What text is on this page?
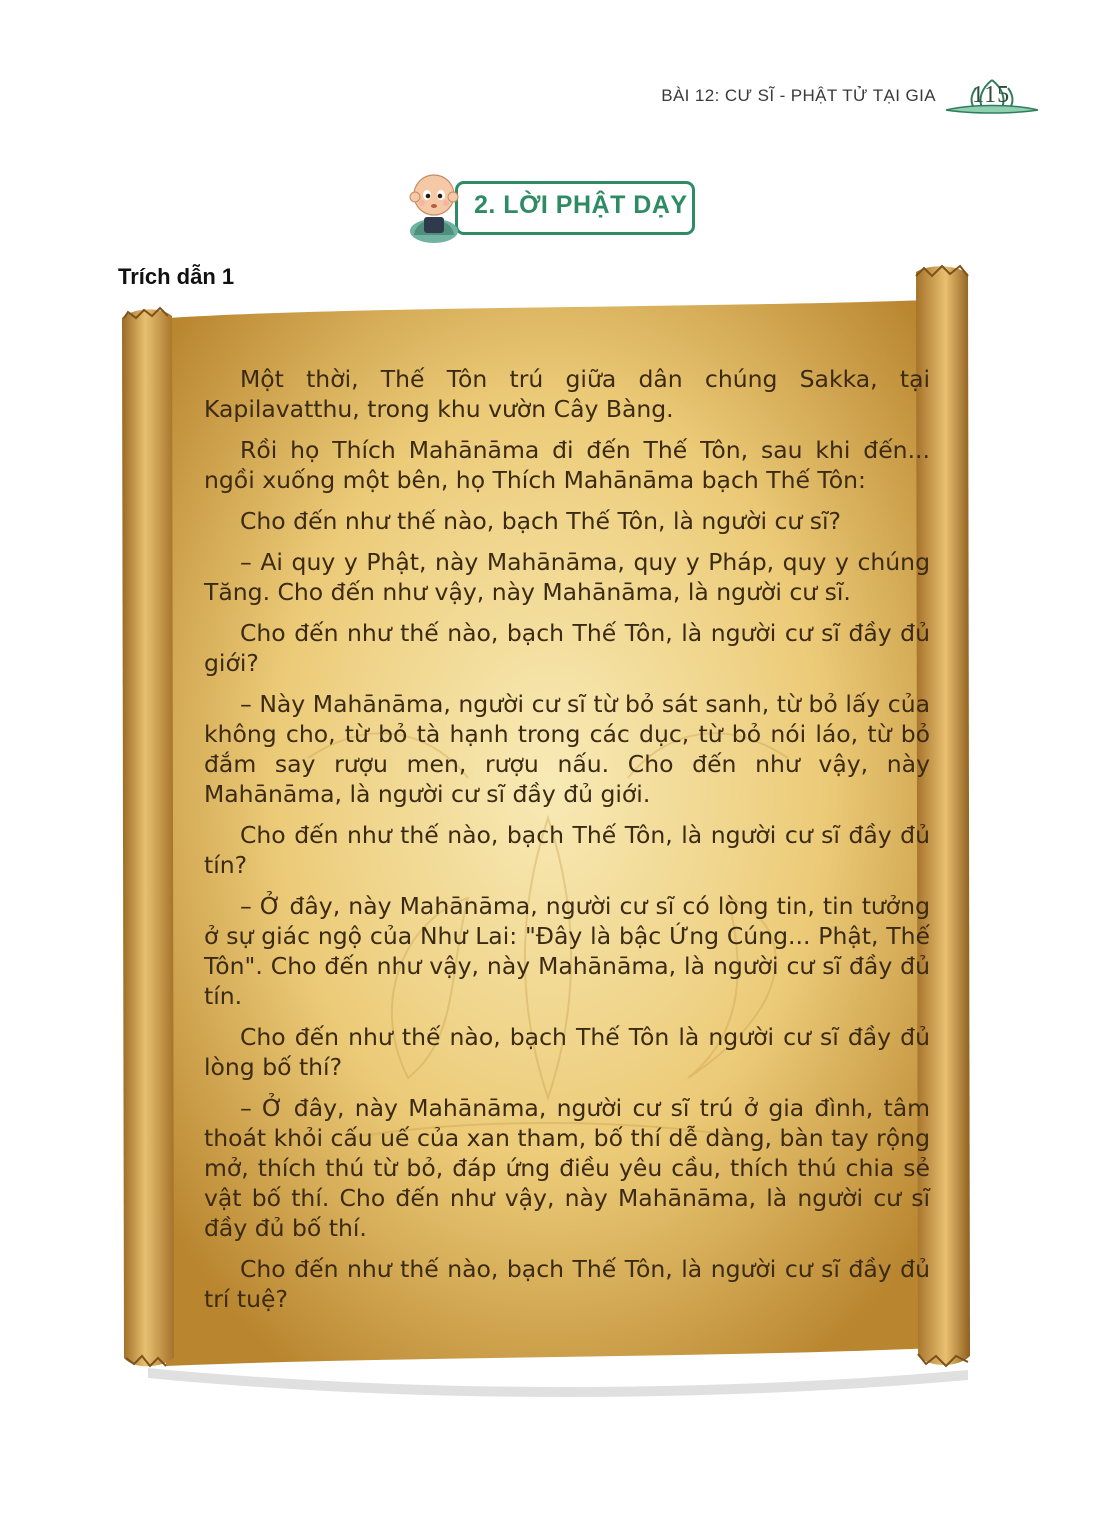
BÀI 12: CƯ SĨ - PHẬT TỬ TẠI GIA 115
2. LỜI PHẬT DẠY
Trích dẫn 1

Một thời, Thế Tôn trú giữa dân chúng Sakka, tại Kapilavatthu, trong khu vườn Cây Bàng.

Rồi họ Thích Mahānāma đi đến Thế Tôn, sau khi đến... ngồi xuống một bên, họ Thích Mahānāma bạch Thế Tôn:

Cho đến như thế nào, bạch Thế Tôn, là người cư sĩ?

– Ai quy y Phật, này Mahānāma, quy y Pháp, quy y chúng Tăng. Cho đến như vậy, này Mahānāma, là người cư sĩ.

Cho đến như thế nào, bạch Thế Tôn, là người cư sĩ đầy đủ giới?

– Này Mahānāma, người cư sĩ từ bỏ sát sanh, từ bỏ lấy của không cho, từ bỏ tà hạnh trong các dục, từ bỏ nói láo, từ bỏ đắm say rượu men, rượu nấu. Cho đến như vậy, này Mahānāma, là người cư sĩ đầy đủ giới.

Cho đến như thế nào, bạch Thế Tôn, là người cư sĩ đầy đủ tín?

– Ở đây, này Mahānāma, người cư sĩ có lòng tin, tin tưởng ở sự giác ngộ của Như Lai: "Đây là bậc Ứng Cúng... Phật, Thế Tôn". Cho đến như vậy, này Mahānāma, là người cư sĩ đầy đủ tín.

Cho đến như thế nào, bạch Thế Tôn là người cư sĩ đầy đủ lòng bố thí?

– Ở đây, này Mahānāma, người cư sĩ trú ở gia đình, tâm thoát khỏi cấu uế của xan tham, bố thí dễ dàng, bàn tay rộng mở, thích thú từ bỏ, đáp ứng điều yêu cầu, thích thú chia sẻ vật bố thí. Cho đến như vậy, này Mahānāma, là người cư sĩ đầy đủ bố thí.

Cho đến như thế nào, bạch Thế Tôn, là người cư sĩ đầy đủ trí tuệ?
